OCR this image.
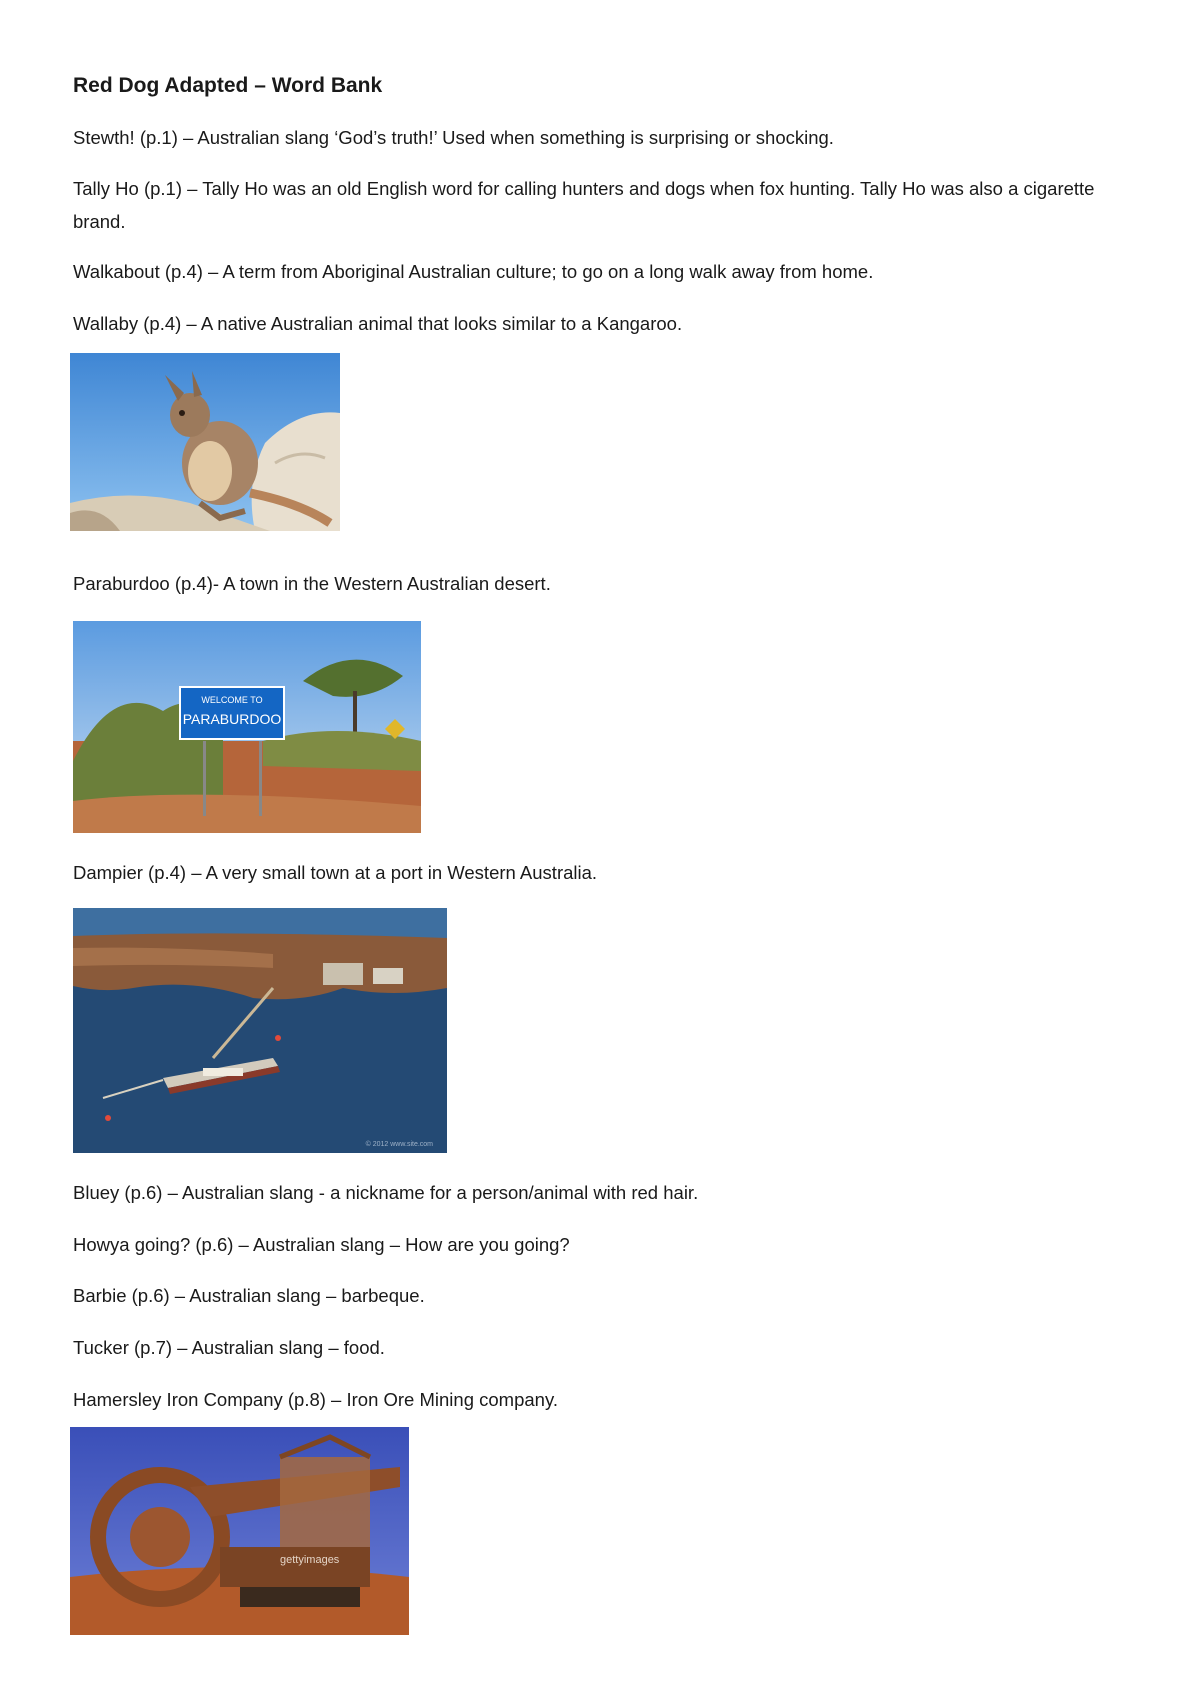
Red Dog Adapted – Word Bank

Stewth! (p.1) – Australian slang ‘God’s truth!’ Used when something is surprising or shocking.

Tally Ho (p.1) – Tally Ho was an old English word for calling hunters and dogs when fox hunting. Tally Ho was also a cigarette brand.

Walkabout (p.4) – A term from Aboriginal Australian culture; to go on a long walk away from home.

Wallaby (p.4) – A native Australian animal that looks similar to a Kangaroo.

Paraburdoo (p.4)- A town in the Western Australian desert.

WELCOME TO
PARABURDOO

Dampier (p.4) – A very small town at a port in Western Australia.

© 2012 www.site.com

Bluey (p.6) – Australian slang - a nickname for a person/animal with red hair.

Howya going? (p.6) – Australian slang – How are you going?

Barbie (p.6) – Australian slang – barbeque.

Tucker (p.7) – Australian slang – food.

Hamersley Iron Company (p.8) – Iron Ore Mining company.

gettyimages
